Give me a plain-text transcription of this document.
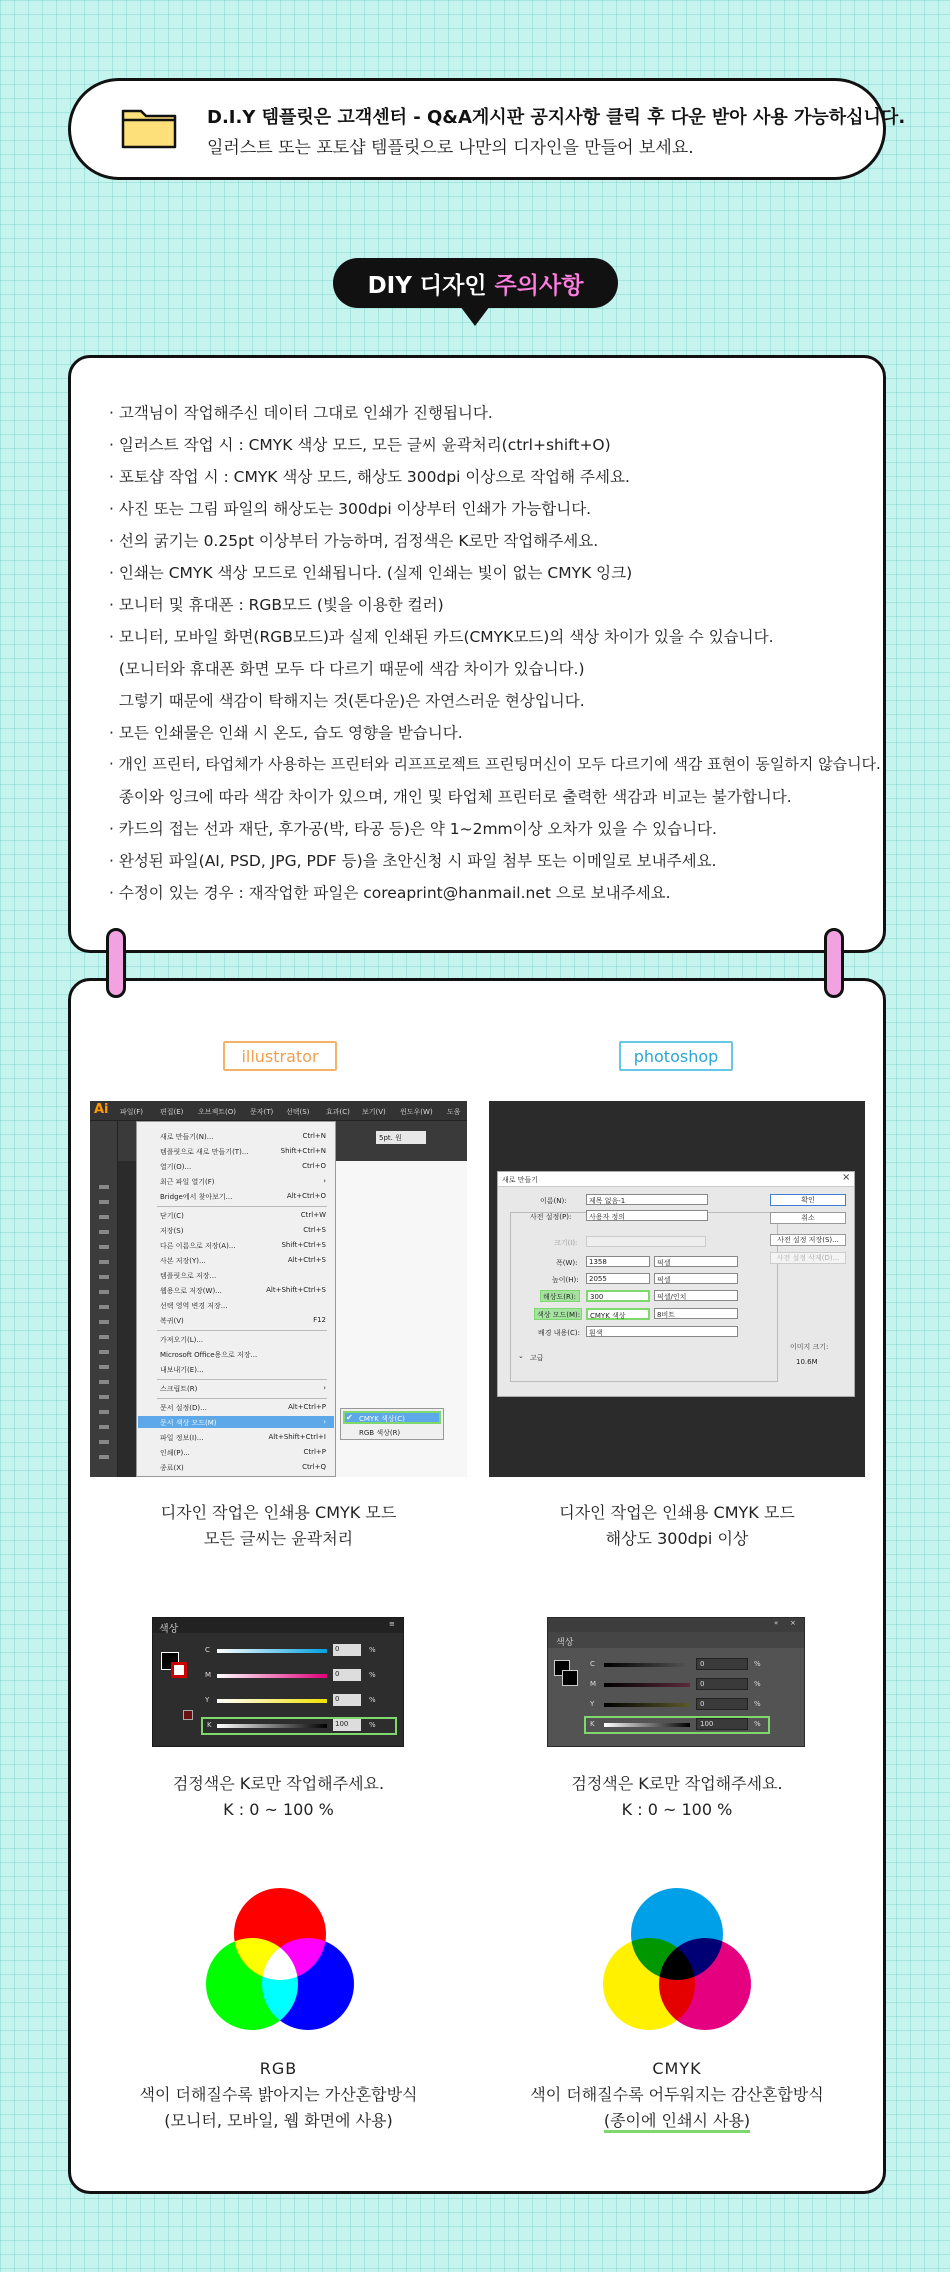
D.I.Y 템플릿은 고객센터 - Q&A게시판 공지사항 클릭 후 다운 받아 사용 가능하십니다.
일러스트 또는 포토샵 템플릿으로 나만의 디자인을 만들어 보세요.
DIY 디자인 주의사항
· 고객님이 작업해주신 데이터 그대로 인쇄가 진행됩니다.
· 일러스트 작업 시 : CMYK 색상 모드, 모든 글씨 윤곽처리(ctrl+shift+O)
· 포토샵 작업 시 : CMYK 색상 모드, 해상도 300dpi 이상으로 작업해 주세요.
· 사진 또는 그림 파일의 해상도는 300dpi 이상부터 인쇄가 가능합니다.
· 선의 굵기는 0.25pt 이상부터 가능하며, 검정색은 K로만 작업해주세요.
· 인쇄는 CMYK 색상 모드로 인쇄됩니다. (실제 인쇄는 빛이 없는 CMYK 잉크)
· 모니터 및 휴대폰 : RGB모드 (빛을 이용한 컬러)
· 모니터, 모바일 화면(RGB모드)과 실제 인쇄된 카드(CMYK모드)의 색상 차이가 있을 수 있습니다.
(모니터와 휴대폰 화면 모두 다 다르기 때문에 색감 차이가 있습니다.)
그렇기 때문에 색감이 탁해지는 것(톤다운)은 자연스러운 현상입니다.
· 모든 인쇄물은 인쇄 시 온도, 습도 영향을 받습니다.
· 개인 프린터, 타업체가 사용하는 프린터와 리프프로젝트 프린팅머신이 모두 다르기에 색감 표현이 동일하지 않습니다.
종이와 잉크에 따라 색감 차이가 있으며, 개인 및 타업체 프린터로 출력한 색감과 비교는 불가합니다.
· 카드의 접는 선과 재단, 후가공(박, 타공 등)은 약 1~2mm이상 오차가 있을 수 있습니다.
· 완성된 파일(AI, PSD, JPG, PDF 등)을 초안신청 시 파일 첨부 또는 이메일로 보내주세요.
· 수정이 있는 경우 : 재작업한 파일은 coreaprint@hanmail.net 으로 보내주세요.
illustrator	photoshop
Ai 파일(F) 편집(E) 오브젝트(O) 문자(T) 선택(S) 효과(C) 보기(V) 윈도우(W) 도움
5pt. 원
새로 만들기(N)...	Ctrl+N
템플릿으로 새로 만들기(T)...	Shift+Ctrl+N
열기(O)...	Ctrl+O
최근 파일 열기(F)	›
Bridge에서 찾아보기...	Alt+Ctrl+O
닫기(C)	Ctrl+W
저장(S)	Ctrl+S
다른 이름으로 저장(A)...	Shift+Ctrl+S
사본 저장(Y)...	Alt+Ctrl+S
템플릿으로 저장...
웹용으로 저장(W)...	Alt+Shift+Ctrl+S
선택 영역 변경 저장...
복귀(V)	F12
가져오기(L)...
Microsoft Office용으로 저장...
내보내기(E)...
스크립트(R)	›
문서 설정(D)...	Alt+Ctrl+P
문서 색상 모드(M)	›
파일 정보(I)...	Alt+Shift+Ctrl+I
인쇄(P)...	Ctrl+P
종료(X)	Ctrl+Q
✔ CMYK 색상(C)
RGB 색상(R)
새로 만들기	×
이름(N):	제목 없음-1
사전 설정(P):	사용자 정의
크기(I):
폭(W):	1358	픽셀
높이(H):	2055	픽셀
해상도(R):	300	픽셀/인치
색상 모드(M):	CMYK 색상	8비트
배경 내용(C):	흰색
⌄ 고급
확인
취소
사전 설정 저장(S)...
사전 설정 삭제(D)...
이미지 크기:
10.6M
디자인 작업은 인쇄용 CMYK 모드
모든 글씨는 윤곽처리
디자인 작업은 인쇄용 CMYK 모드
해상도 300dpi 이상
색상	≡
C	0	%
M	0	%
Y	0	%
K	100	%
« ×
색상
C	0	%
M	0	%
Y	0	%
K	100	%
검정색은 K로만 작업해주세요.
K : 0 ~ 100 %
검정색은 K로만 작업해주세요.
K : 0 ~ 100 %
RGB
색이 더해질수록 밝아지는 가산혼합방식
(모니터, 모바일, 웹 화면에 사용)
CMYK
색이 더해질수록 어두워지는 감산혼합방식
(종이에 인쇄시 사용)
